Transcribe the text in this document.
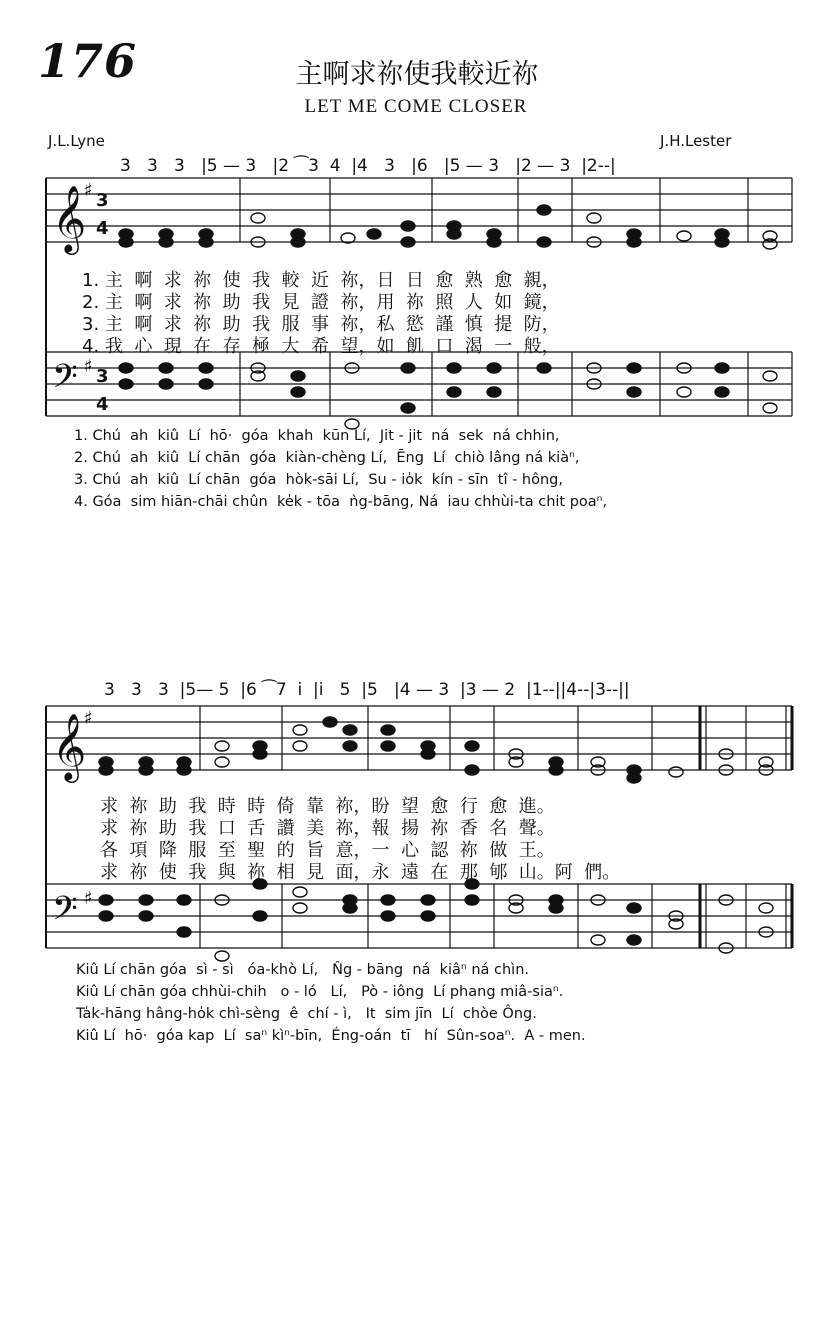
176	主啊求祢使我較近祢
LET ME COME CLOSER
J.L.Lyne	J.H.Lester
3   3   3   |5 — 3   |2 ⁀3  4  |4   3   |6   |5 — 3   |2 — 3  |2--|
𝄞
𝄢
𝄞
𝄢
♯
♯
♯
♯
3
4
3
4
1. 主  啊  求  祢  使  我  較  近  祢，日  日  愈  熟  愈  親，
2. 主  啊  求  祢  助  我  見  證  祢，用  祢  照  人  如  鏡，
3. 主  啊  求  祢  助  我  服  事  祢，私  慾  謹  慎  提  防，
4. 我  心  現  在  存  極  大  希  望，如  飢  口  渴  一  般，
1. Chú  ah  kiû  Lí  hō·  góa  khah  kūn Lí,  Jit - jit  ná  sek  ná chhin,
2. Chú  ah  kiû  Lí chān  góa  kiàn-chèng Lí,  Ēng  Lí  chiò lâng ná kiàⁿ,
3. Chú  ah  kiû  Lí chān  góa  hòk-sāi Lí,  Su - io̍k  kín - sīn  tî - hông,
4. Góa  sim hiān-chāi chûn  ke̍k - tōa  ǹg-bāng, Ná  iau chhùi-ta chit poaⁿ,
3   3   3  |5— 5  |6 ⁀7  i  |i   5  |5   |4 — 3  |3 — 2  |1--||4--|3--||
求  祢  助  我  時  時  倚  靠  祢，盼  望  愈  行  愈  進。
求  祢  助  我  口  舌  讚  美  祢，報  揚  祢  香  名  聲。
各  項  降  服  至  聖  的  旨  意，一  心  認  祢  做  王。
求  祢  使  我  與  祢  相  見  面，永  遠  在  那  郇  山。阿  們。
Kiû Lí chān góa  sì - sì   óa-khò Lí,   N̂g - bāng  ná  kiâⁿ ná chìn.
Kiû Lí chān góa chhùi-chih   o - ló   Lí,   Pò - iông  Lí phang miâ-siaⁿ.
Ta̍k-hāng hâng-ho̍k chì-sèng  ê  chí - ì,   It  sim jīn  Lí  chòe Ông.
Kiû Lí  hō·  góa kap  Lí  saⁿ kìⁿ-bīn,  Éng-oán  tī   hí  Sûn-soaⁿ.  A - men.
